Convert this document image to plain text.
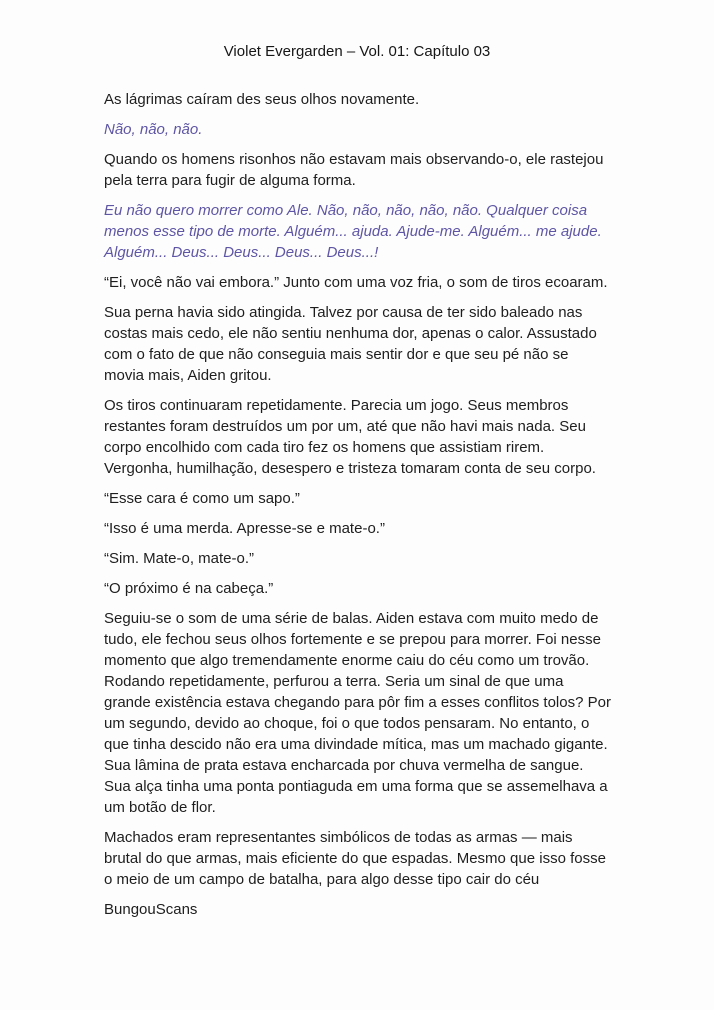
Violet Evergarden – Vol. 01: Capítulo 03

As lágrimas caíram des seus olhos novamente.

Não, não, não.

Quando os homens risonhos não estavam mais observando-o, ele rastejou pela terra para fugir de alguma forma.

Eu não quero morrer como Ale. Não, não, não, não, não. Qualquer coisa menos esse tipo de morte. Alguém... ajuda. Ajude-me. Alguém... me ajude. Alguém... Deus... Deus... Deus... Deus...!

“Ei, você não vai embora.” Junto com uma voz fria, o som de tiros ecoaram.

Sua perna havia sido atingida. Talvez por causa de ter sido baleado nas costas mais cedo, ele não sentiu nenhuma dor, apenas o calor. Assustado com o fato de que não conseguia mais sentir dor e que seu pé não se movia mais, Aiden gritou.

Os tiros continuaram repetidamente. Parecia um jogo. Seus membros restantes foram destruídos um por um, até que não havi mais nada. Seu corpo encolhido com cada tiro fez os homens que assistiam rirem. Vergonha, humilhação, desespero e tristeza tomaram conta de seu corpo.

“Esse cara é como um sapo.”

“Isso é uma merda. Apresse-se e mate-o.”

“Sim. Mate-o, mate-o.”

“O próximo é na cabeça.”

Seguiu-se o som de uma série de balas. Aiden estava com muito medo de tudo, ele fechou seus olhos fortemente e se prepou para morrer. Foi nesse momento que algo tremendamente enorme caiu do céu como um trovão. Rodando repetidamente, perfurou a terra. Seria um sinal de que uma grande existência estava chegando para pôr fim a esses conflitos tolos? Por um segundo, devido ao choque, foi o que todos pensaram. No entanto, o que tinha descido não era uma divindade mítica, mas um machado gigante. Sua lâmina de prata estava encharcada por chuva vermelha de sangue. Sua alça tinha uma ponta pontiaguda em uma forma que se assemelhava a um botão de flor.

Machados eram representantes simbólicos de todas as armas — mais brutal do que armas, mais eficiente do que espadas. Mesmo que isso fosse o meio de um campo de batalha, para algo desse tipo cair do céu

BungouScans
